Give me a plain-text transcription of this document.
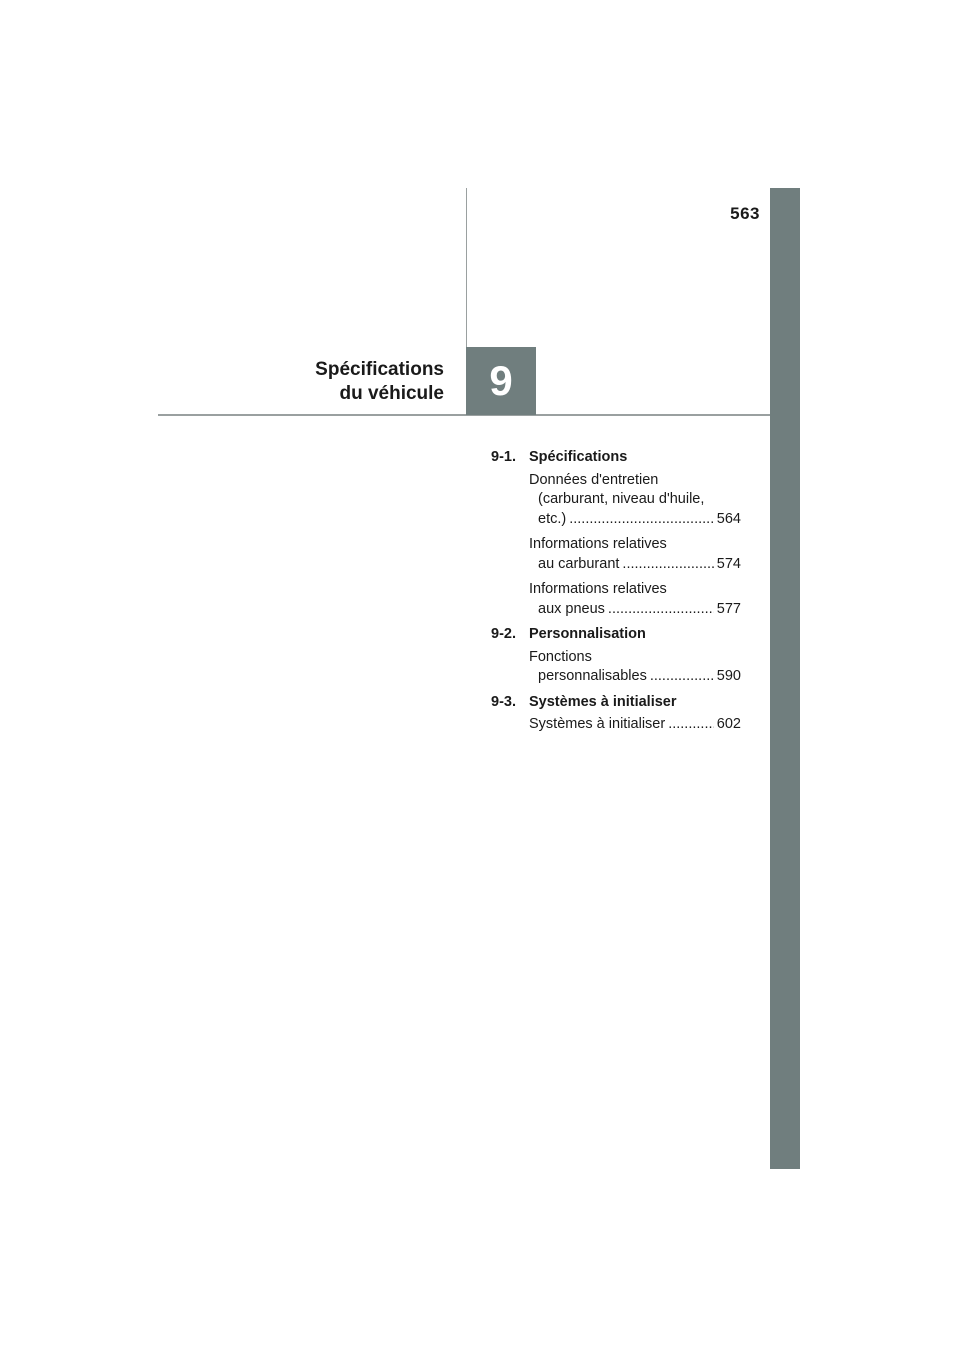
563
9
Spécifications
du véhicule
9-1. Spécifications
Données d'entretien
(carburant, niveau d'huile,
etc.) .....	564
Informations relatives
au carburant .....	574
Informations relatives
aux pneus .....	577
9-2. Personnalisation
Fonctions
personnalisables .....	590
9-3. Systèmes à initialiser
Systèmes à initialiser .....	602
